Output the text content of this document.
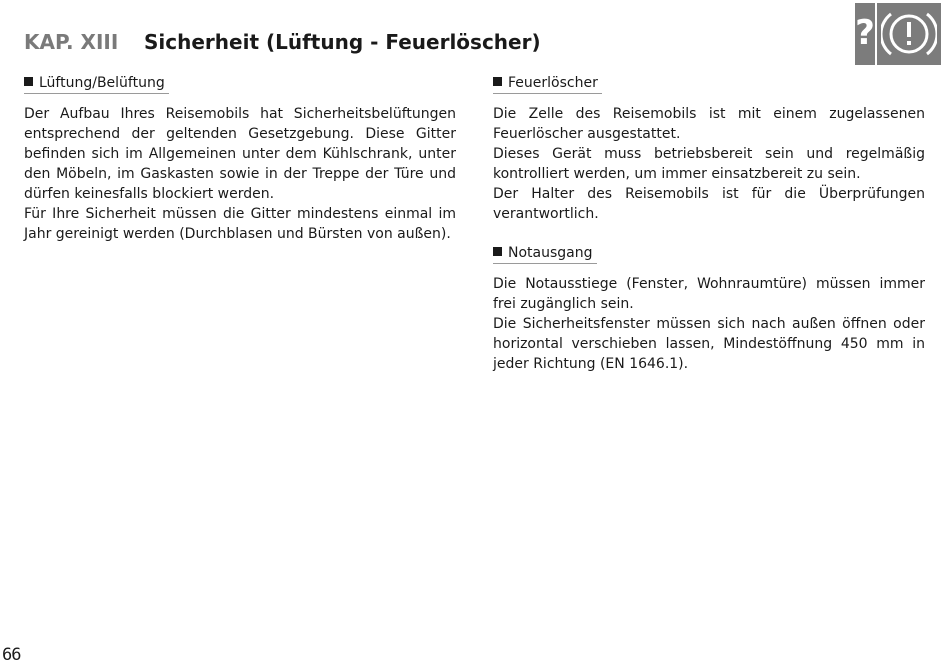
KAP. XIII Sicherheit (Lüftung - Feuerlöscher)	?
Lüftung/Belüftung

Der Aufbau Ihres Reisemobils hat Sicherheitsbelüftungen entsprechend der geltenden Gesetzgebung. Diese Gitter befinden sich im Allgemeinen unter dem Kühlschrank, unter den Möbeln, im Gaskasten sowie in der Treppe der Türe und dürfen keinesfalls blockiert werden.

Für Ihre Sicherheit müssen die Gitter mindestens einmal im Jahr gereinigt werden (Durchblasen und Bürsten von außen).

Feuerlöscher

Die Zelle des Reisemobils ist mit einem zugelassenen Feuerlöscher ausgestattet.

Dieses Gerät muss betriebsbereit sein und regelmäßig kontrolliert werden, um immer einsatzbereit zu sein.

Der Halter des Reisemobils ist für die Überprüfungen verantwortlich.

Notausgang

Die Notausstiege (Fenster, Wohnraumtüre) müssen immer frei zugänglich sein.

Die Sicherheitsfenster müssen sich nach außen öffnen oder horizontal verschieben lassen, Mindestöffnung 450 mm in jeder Richtung (EN 1646.1).

66
